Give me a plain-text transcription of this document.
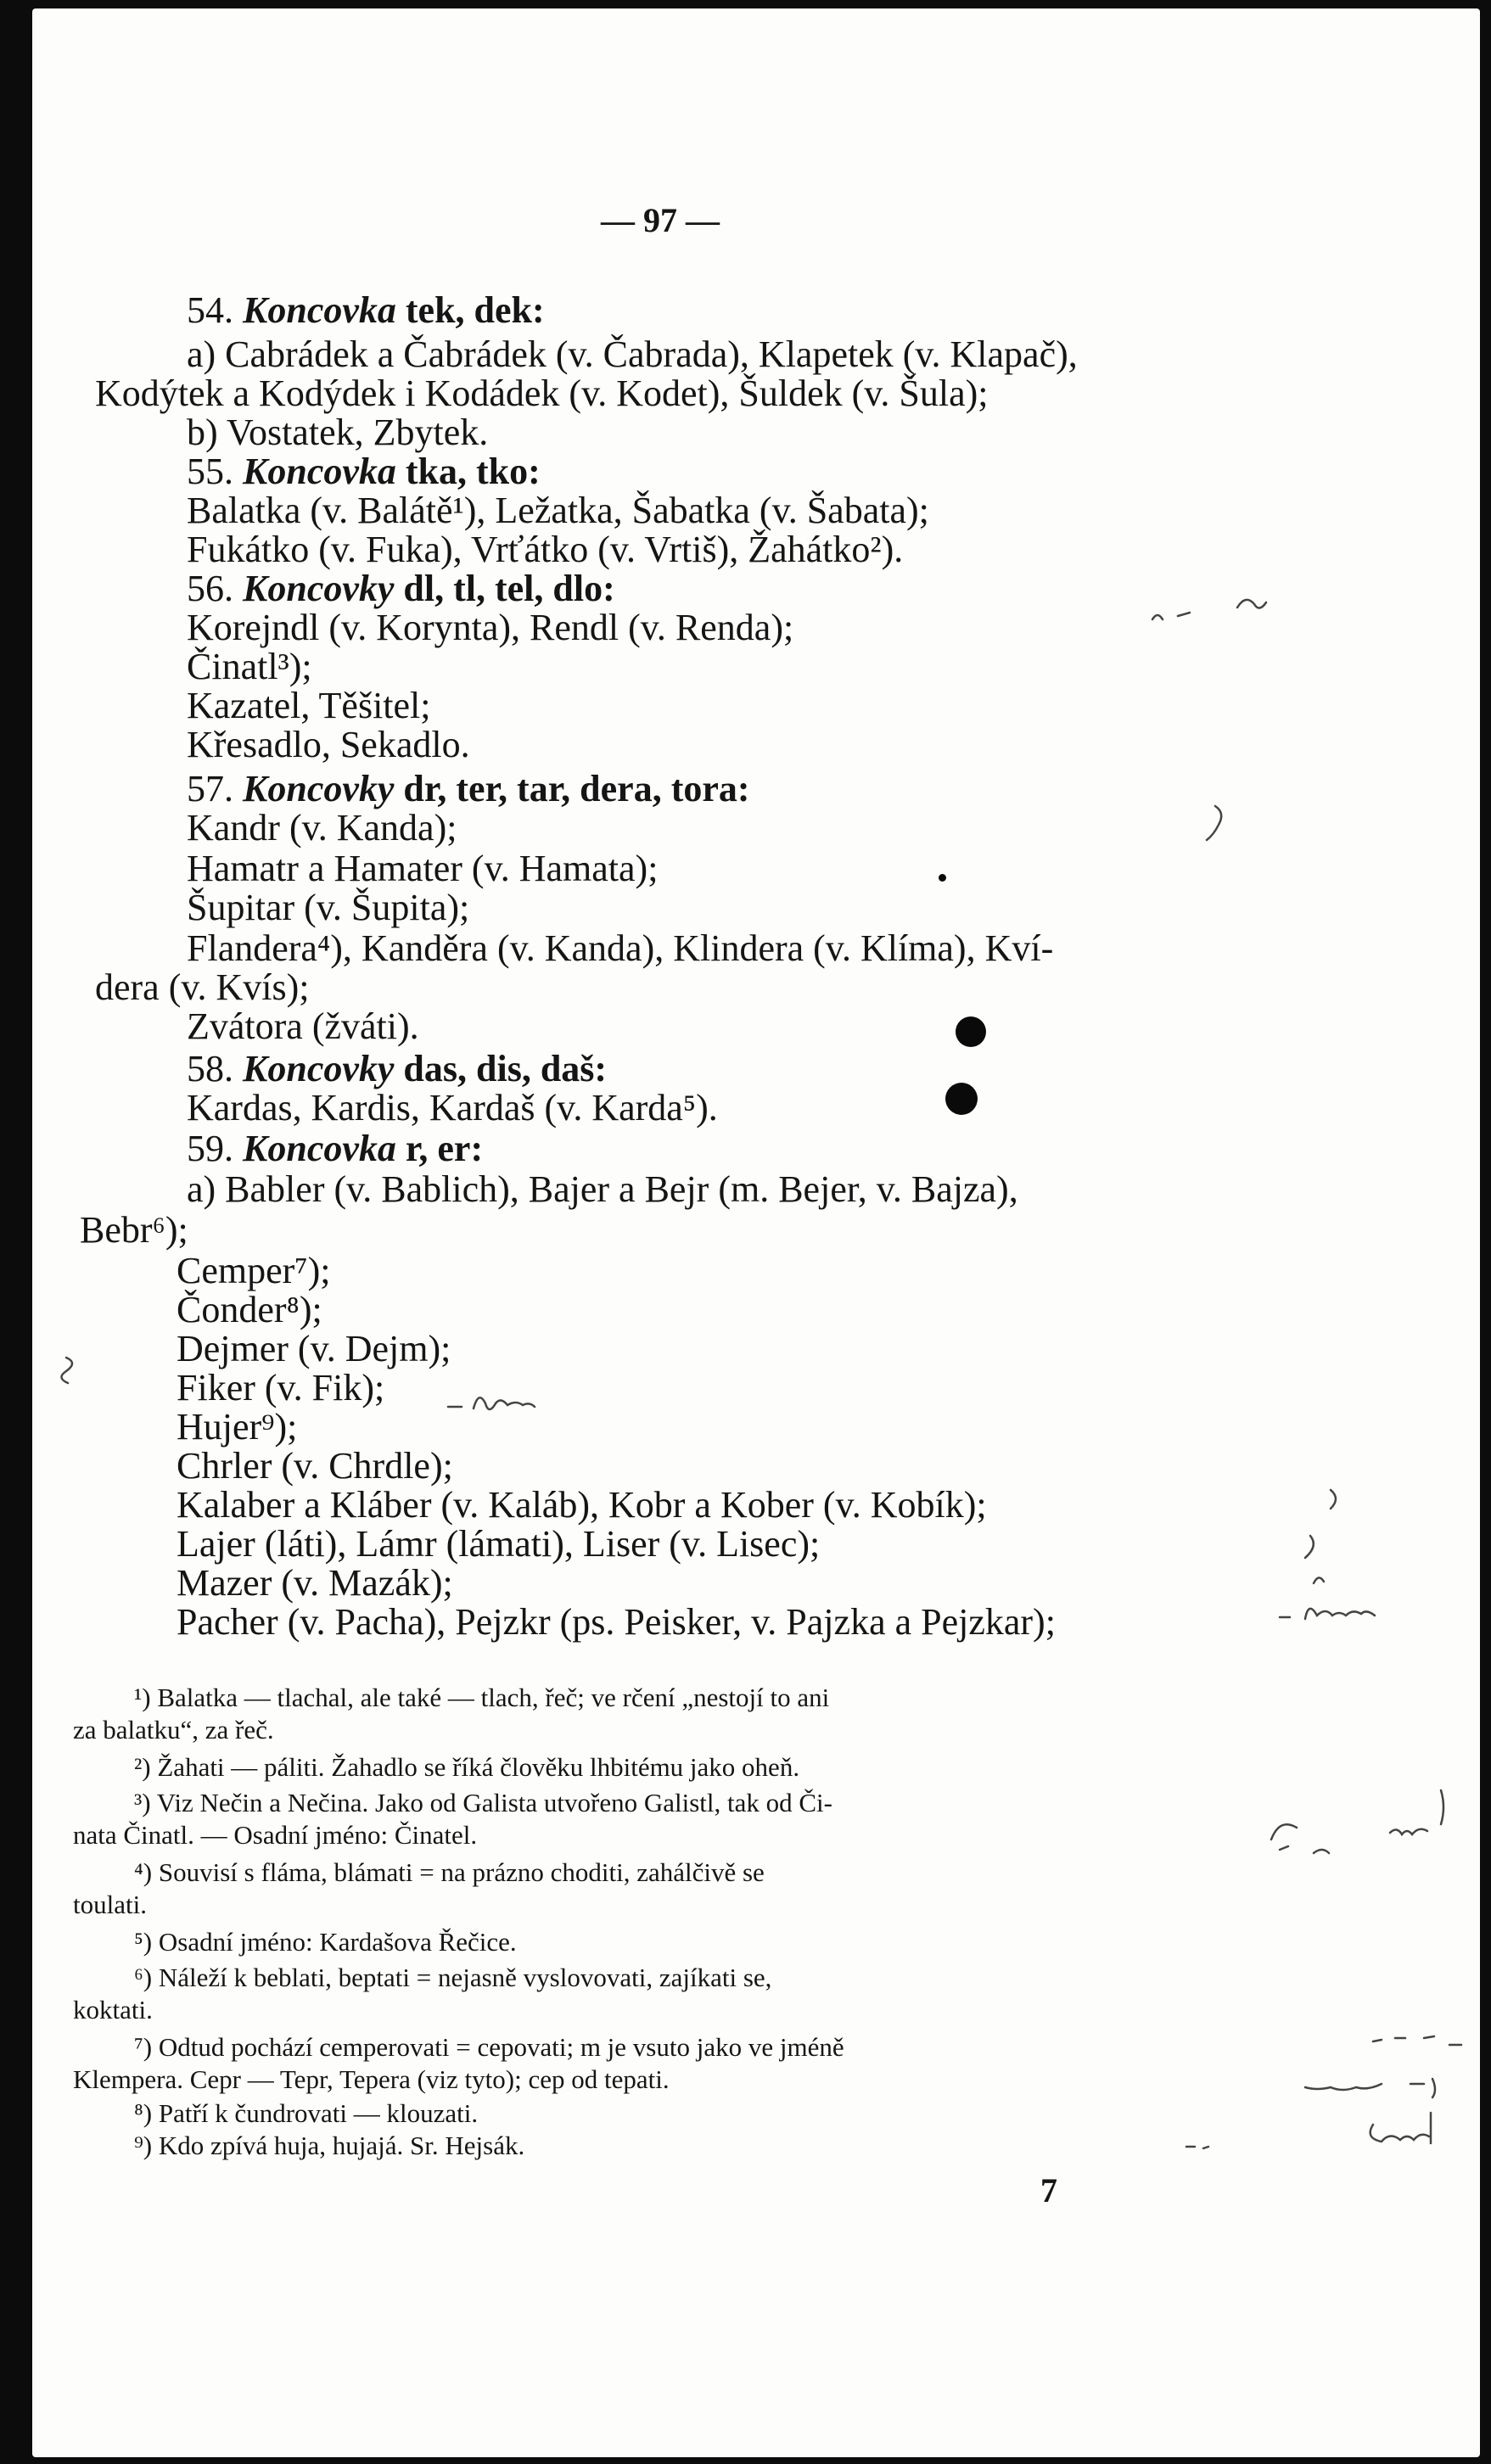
— 97 —
54. Koncovka tek, dek:
a) Cabrádek a Čabrádek (v. Čabrada), Klapetek (v. Klapač),
Kodýtek a Kodýdek i Kodádek (v. Kodet), Šuldek (v. Šula);
b) Vostatek, Zbytek.
55. Koncovka tka, tko:
Balatka (v. Balátě¹), Ležatka, Šabatka (v. Šabata);
Fukátko (v. Fuka), Vrťátko (v. Vrtiš), Žahátko²).
56. Koncovky dl, tl, tel, dlo:
Korejndl (v. Korynta), Rendl (v. Renda);
Činatl³);
Kazatel, Těšitel;
Křesadlo, Sekadlo.
57. Koncovky dr, ter, tar, dera, tora:
Kandr (v. Kanda);
Hamatr a Hamater (v. Hamata);
Šupitar (v. Šupita);
Flandera⁴), Kanděra (v. Kanda), Klindera (v. Klíma), Kví-
dera (v. Kvís);
Zvátora (žváti).
58. Koncovky das, dis, daš:
Kardas, Kardis, Kardaš (v. Karda⁵).
59. Koncovka r, er:
a) Babler (v. Bablich), Bajer a Bejr (m. Bejer, v. Bajza),
Bebr⁶);
Cemper⁷);
Čonder⁸);
Dejmer (v. Dejm);
Fiker (v. Fik);
Hujer⁹);
Chrler (v. Chrdle);
Kalaber a Kláber (v. Kaláb), Kobr a Kober (v. Kobík);
Lajer (láti), Lámr (lámati), Liser (v. Lisec);
Mazer (v. Mazák);
Pacher (v. Pacha), Pejzkr (ps. Peisker, v. Pajzka a Pejzkar);
¹) Balatka — tlachal, ale také — tlach, řeč; ve rčení „nestojí to ani
za balatku“, za řeč.
²) Žahati — páliti. Žahadlo se říká člověku lhbitému jako oheň.
³) Viz Nečin a Nečina. Jako od Galista utvořeno Galistl, tak od Či-
nata Činatl. — Osadní jméno: Činatel.
⁴) Souvisí s flámа, blámati = na prázno choditi, zahálčivě se
toulati.
⁵) Osadní jméno: Kardašova Řečice.
⁶) Náleží k beblati, beptati = nejasně vyslovovati, zajíkati se,
koktati.
⁷) Odtud pochází cemperovati = cepovati; m je vsuto jako ve jméně
Klempera. Cepr — Tepr, Tepera (viz tyto); cep od tepati.
⁸) Patří k čundrovati — klouzati.
⁹) Kdo zpívá huja, hujajá. Sr. Hejsák.
7
